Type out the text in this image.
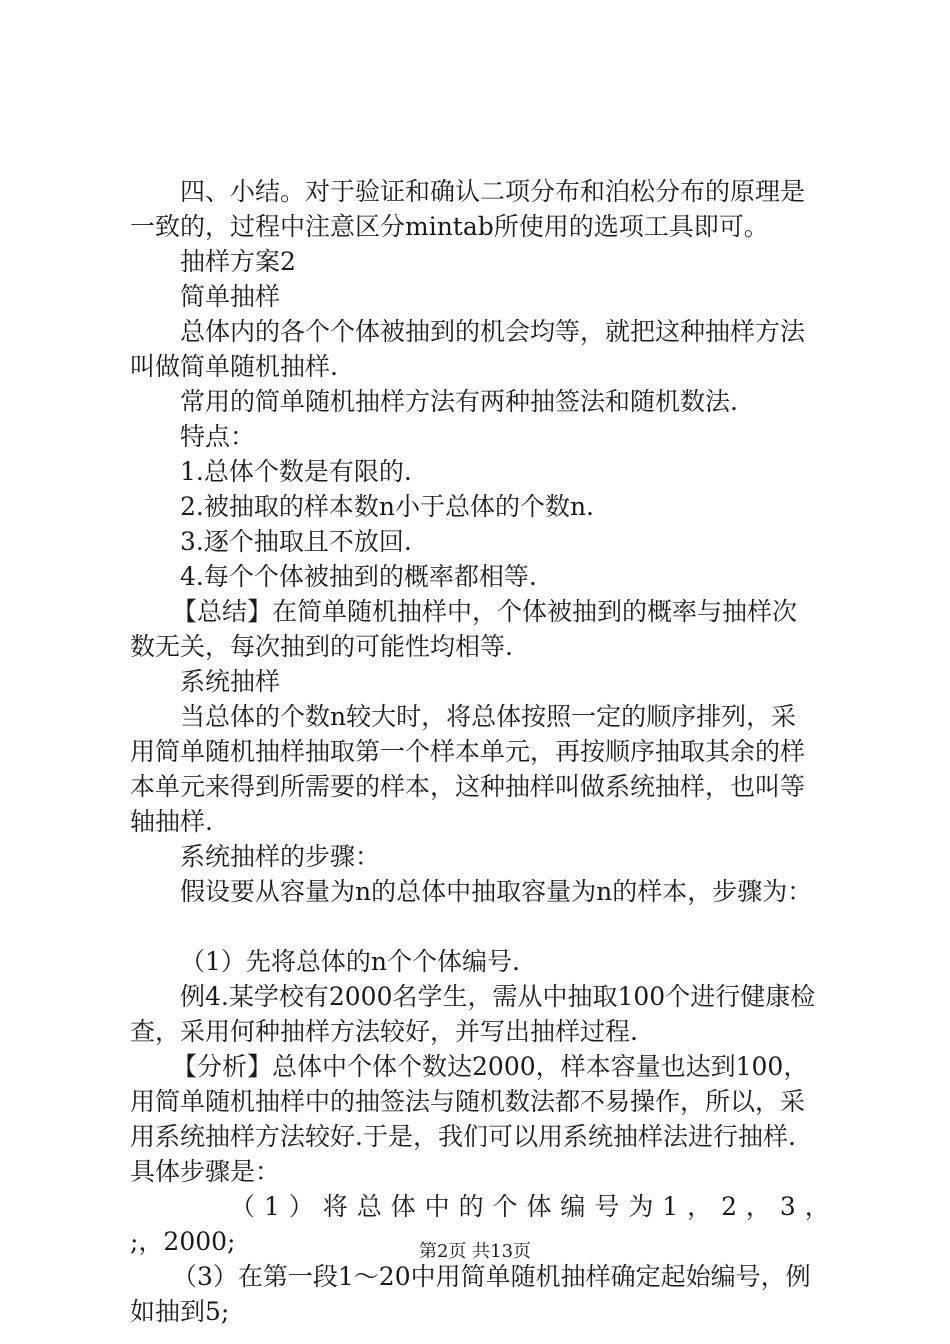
四、小结。对于验证和确认二项分布和泊松分布的原理是
一致的，过程中注意区分mintab所使用的选项工具即可。
抽样方案2
简单抽样
总体内的各个个体被抽到的机会均等，就把这种抽样方法
叫做简单随机抽样.
常用的简单随机抽样方法有两种抽签法和随机数法.
特点：
1.总体个数是有限的.
2.被抽取的样本数n小于总体的个数n.
3.逐个抽取且不放回.
4.每个个体被抽到的概率都相等.
【总结】在简单随机抽样中，个体被抽到的概率与抽样次
数无关，每次抽到的可能性均相等.
系统抽样
当总体的个数n较大时，将总体按照一定的顺序排列，采
用简单随机抽样抽取第一个样本单元，再按顺序抽取其余的样
本单元来得到所需要的样本，这种抽样叫做系统抽样，也叫等
轴抽样.
系统抽样的步骤：
假设要从容量为n的总体中抽取容量为n的样本，步骤为：
（1）先将总体的n个个体编号.
例4.某学校有2000名学生，需从中抽取100个进行健康检
查，采用何种抽样方法较好，并写出抽样过程.
【分析】总体中个体个数达2000，样本容量也达到100，
用简单随机抽样中的抽签法与随机数法都不易操作，所以，采
用系统抽样方法较好.于是，我们可以用系统抽样法进行抽样.
具体步骤是：
（ 1 ） 将 总 体 中 的 个 体 编 号 为 1 ， 2 ， 3 ，
;，2000;
（3）在第一段1～20中用简单随机抽样确定起始编号，例
如抽到5;
第2页 共13页
